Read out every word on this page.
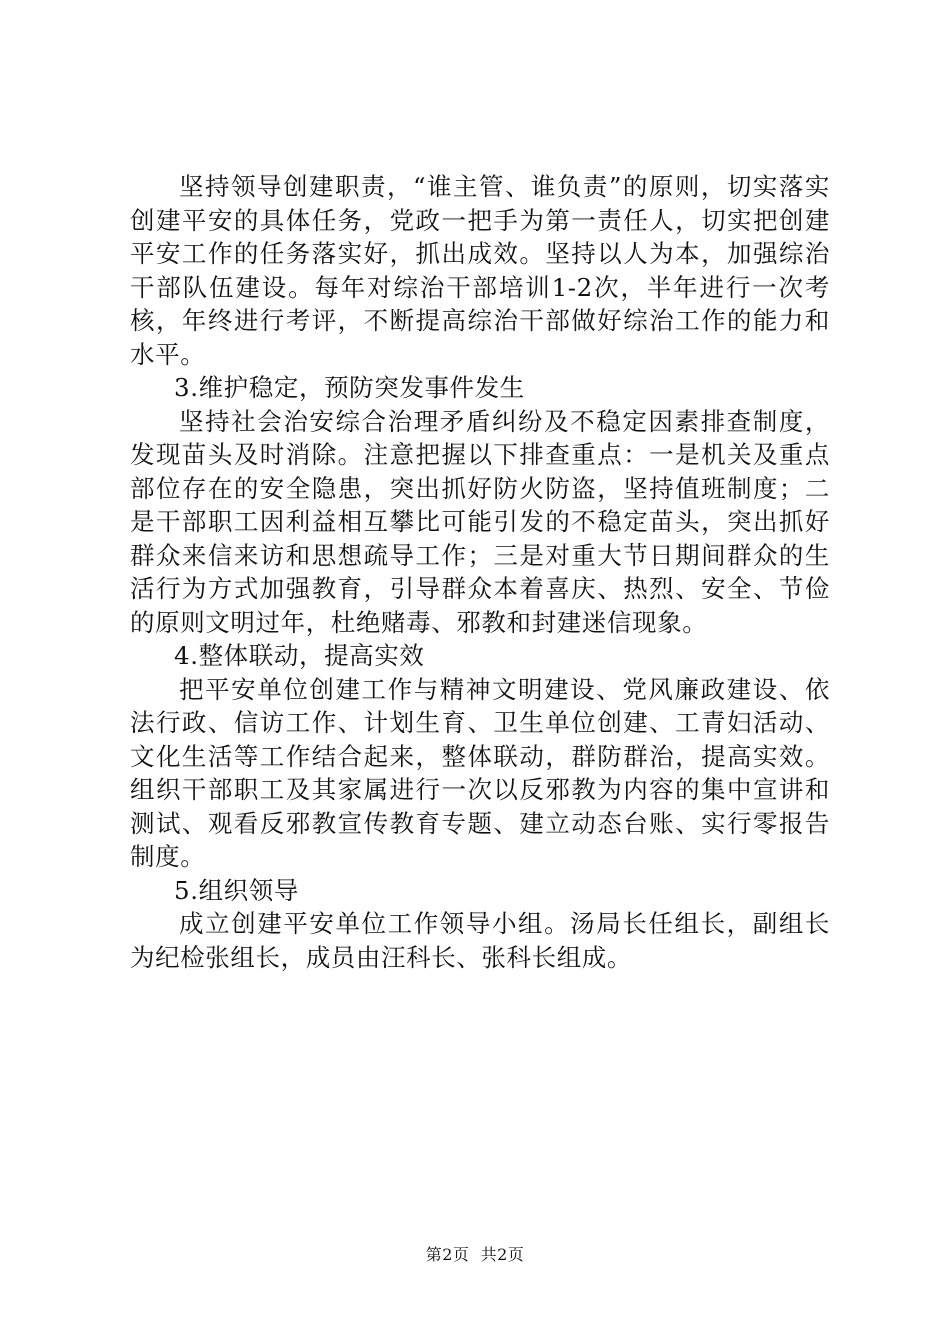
坚持领导创建职责，“谁主管、谁负责”的原则，切实落实创建平安的具体任务，党政一把手为第一责任人，切实把创建平安工作的任务落实好，抓出成效。坚持以人为本，加强综治干部队伍建设。每年对综治干部培训1-2次，半年进行一次考核，年终进行考评，不断提高综治干部做好综治工作的能力和水平。

3.维护稳定，预防突发事件发生

坚持社会治安综合治理矛盾纠纷及不稳定因素排查制度，发现苗头及时消除。注意把握以下排查重点：一是机关及重点部位存在的安全隐患，突出抓好防火防盗，坚持值班制度；二是干部职工因利益相互攀比可能引发的不稳定苗头，突出抓好群众来信来访和思想疏导工作；三是对重大节日期间群众的生活行为方式加强教育，引导群众本着喜庆、热烈、安全、节俭的原则文明过年，杜绝赌毒、邪教和封建迷信现象。

4.整体联动，提高实效

把平安单位创建工作与精神文明建设、党风廉政建设、依法行政、信访工作、计划生育、卫生单位创建、工青妇活动、文化生活等工作结合起来，整体联动，群防群治，提高实效。组织干部职工及其家属进行一次以反邪教为内容的集中宣讲和测试、观看反邪教宣传教育专题、建立动态台账、实行零报告制度。

5.组织领导

成立创建平安单位工作领导小组。汤局长任组长，副组长为纪检张组长，成员由汪科长、张科长组成。

第2页  共2页
